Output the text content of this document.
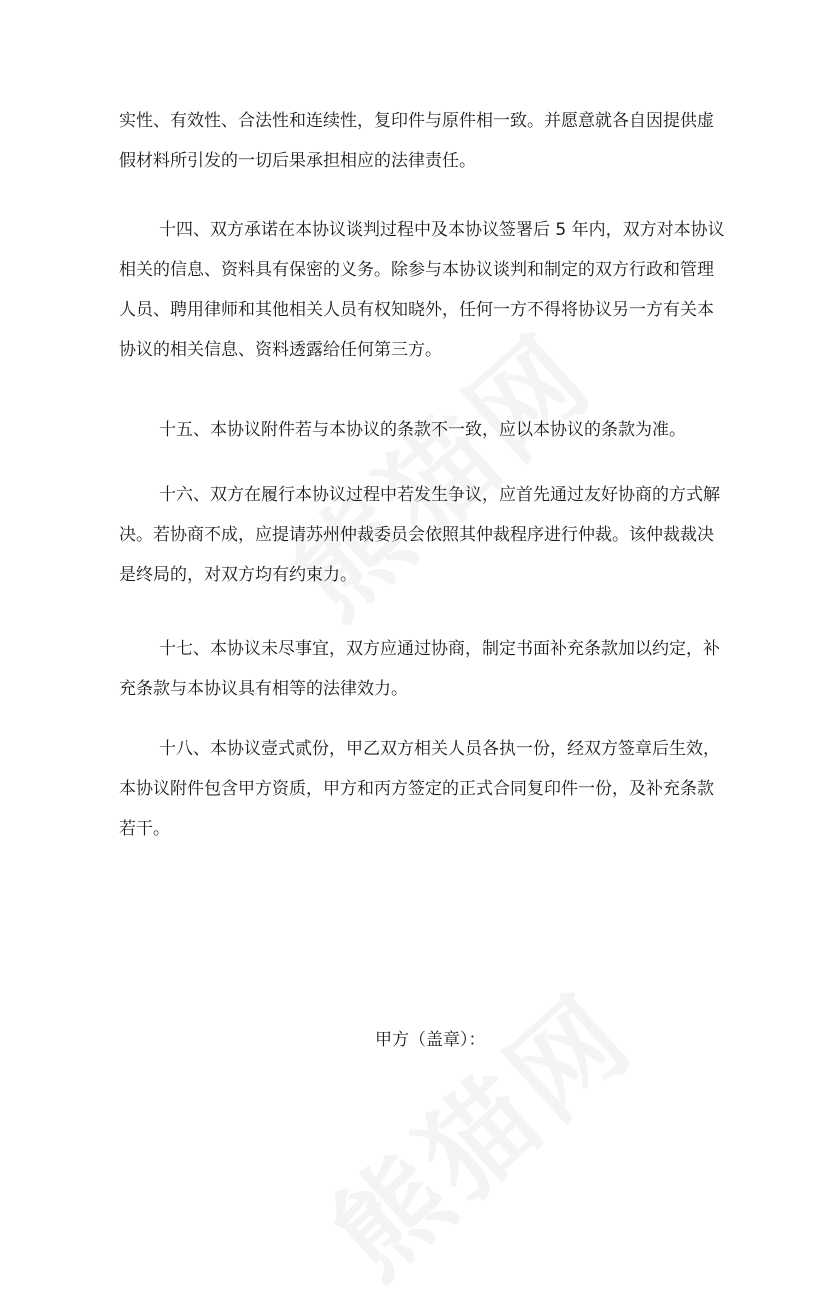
实性、有效性、合法性和连续性，复印件与原件相一致。并愿意就各自因提供虚
假材料所引发的一切后果承担相应的法律责任。

十四、双方承诺在本协议谈判过程中及本协议签署后 5 年内，双方对本协议
相关的信息、资料具有保密的义务。除参与本协议谈判和制定的双方行政和管理
人员、聘用律师和其他相关人员有权知晓外，任何一方不得将协议另一方有关本
协议的相关信息、资料透露给任何第三方。

十五、本协议附件若与本协议的条款不一致，应以本协议的条款为准。

十六、双方在履行本协议过程中若发生争议，应首先通过友好协商的方式解
决。若协商不成，应提请苏州仲裁委员会依照其仲裁程序进行仲裁。该仲裁裁决
是终局的，对双方均有约束力。

十七、本协议未尽事宜，双方应通过协商，制定书面补充条款加以约定，补
充条款与本协议具有相等的法律效力。

十八、本协议壹式贰份，甲乙双方相关人员各执一份，经双方签章后生效，
本协议附件包含甲方资质，甲方和丙方签定的正式合同复印件一份，及补充条款
若干。

甲方（盖章）：
